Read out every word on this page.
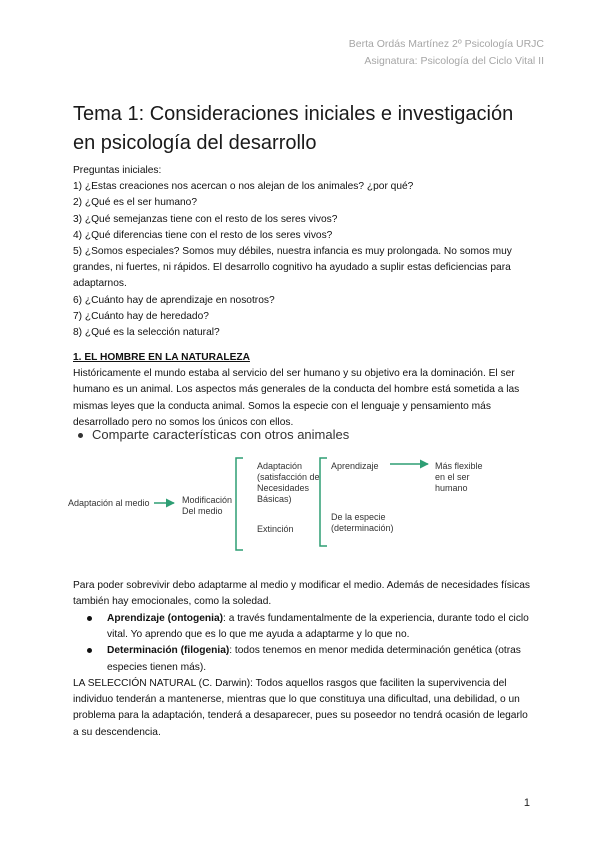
Berta Ordás Martínez 2º Psicología URJC
Asignatura: Psicología del Ciclo Vital II
Tema 1: Consideraciones iniciales e investigación en psicología del desarrollo

Preguntas iniciales:

1) ¿Estas creaciones nos acercan o nos alejan de los animales? ¿por qué?

2) ¿Qué es el ser humano?

3) ¿Qué semejanzas tiene con el resto de los seres vivos?

4) ¿Qué diferencias tiene con el resto de los seres vivos?

5) ¿Somos especiales? Somos muy débiles, nuestra infancia es muy prolongada. No somos muy grandes, ni fuertes, ni rápidos. El desarrollo cognitivo ha ayudado a suplir estas deficiencias para adaptarnos.

6) ¿Cuánto hay de aprendizaje en nosotros?

7) ¿Cuánto hay de heredado?

8) ¿Qué es la selección natural?

1. EL HOMBRE EN LA NATURALEZA

Históricamente el mundo estaba al servicio del ser humano y su objetivo era la dominación. El ser humano es un animal. Los aspectos más generales de la conducta del hombre está sometida a las mismas leyes que la conducta animal. Somos la especie con el lenguaje y pensamiento más desarrollado pero no somos los únicos con ellos.

Comparte características con otros animales
Adaptación al medio	Modificación
Del medio
Adaptación
(satisfacción de
Necesidades
Básicas)
Extinción
Aprendizaje
De la especie
(determinación)
Más flexible
en el ser
humano

Para poder sobrevivir debo adaptarme al medio y modificar el medio. Además de necesidades físicas también hay emocionales, como la soledad.

Aprendizaje (ontogenia): a través fundamentalmente de la experiencia, durante todo el ciclo vital. Yo aprendo que es lo que me ayuda a adaptarme y lo que no.

Determinación (filogenia): todos tenemos en menor medida determinación genética (otras especies tienen más).

LA SELECCIÓN NATURAL (C. Darwin): Todos aquellos rasgos que faciliten la supervivencia del individuo tenderán a mantenerse, mientras que lo que constituya una dificultad, una debilidad, o un problema para la adaptación, tenderá a desaparecer, pues su poseedor no tendrá ocasión de legarlo a su descendencia.

1
